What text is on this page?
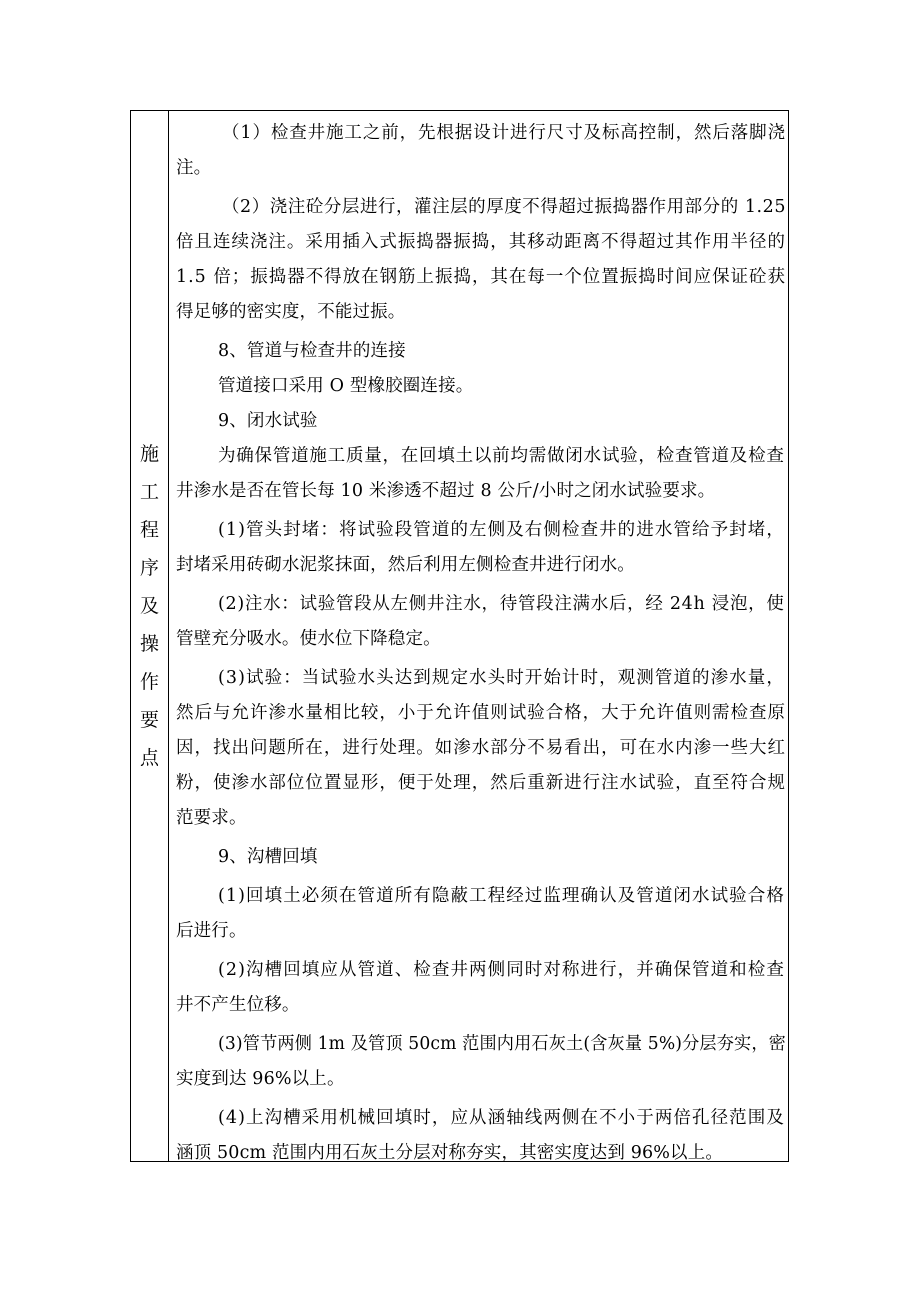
施
工
程
序
及
操
作
要
点
（1）检查井施工之前，先根据设计进行尺寸及标高控制，然后落脚浇
注。
（2）浇注砼分层进行，灌注层的厚度不得超过振捣器作用部分的 1.25
倍且连续浇注。采用插入式振捣器振捣，其移动距离不得超过其作用半径的
1.5 倍；振捣器不得放在钢筋上振捣，其在每一个位置振捣时间应保证砼获
得足够的密实度，不能过振。
8、管道与检查井的连接
管道接口采用 O 型橡胶圈连接。
9、闭水试验
为确保管道施工质量，在回填土以前均需做闭水试验，检查管道及检查
井渗水是否在管长每 10 米渗透不超过 8 公斤/小时之闭水试验要求。
(1)管头封堵：将试验段管道的左侧及右侧检查井的进水管给予封堵，
封堵采用砖砌水泥浆抹面，然后利用左侧检查井进行闭水。
(2)注水：试验管段从左侧井注水，待管段注满水后，经 24h 浸泡，使
管壁充分吸水。使水位下降稳定。
(3)试验：当试验水头达到规定水头时开始计时，观测管道的渗水量，
然后与允许渗水量相比较，小于允许值则试验合格，大于允许值则需检查原
因，找出问题所在，进行处理。如渗水部分不易看出，可在水内渗一些大红
粉，使渗水部位位置显形，便于处理，然后重新进行注水试验，直至符合规
范要求。
9、沟槽回填
(1)回填土必须在管道所有隐蔽工程经过监理确认及管道闭水试验合格
后进行。
(2)沟槽回填应从管道、检查井两侧同时对称进行，并确保管道和检查
井不产生位移。
(3)管节两侧 1m 及管顶 50cm 范围内用石灰土(含灰量 5%)分层夯实，密
实度到达 96%以上。
(4)上沟槽采用机械回填时，应从涵轴线两侧在不小于两倍孔径范围及
涵顶 50cm 范围内用石灰土分层对称夯实，其密实度达到 96%以上。
